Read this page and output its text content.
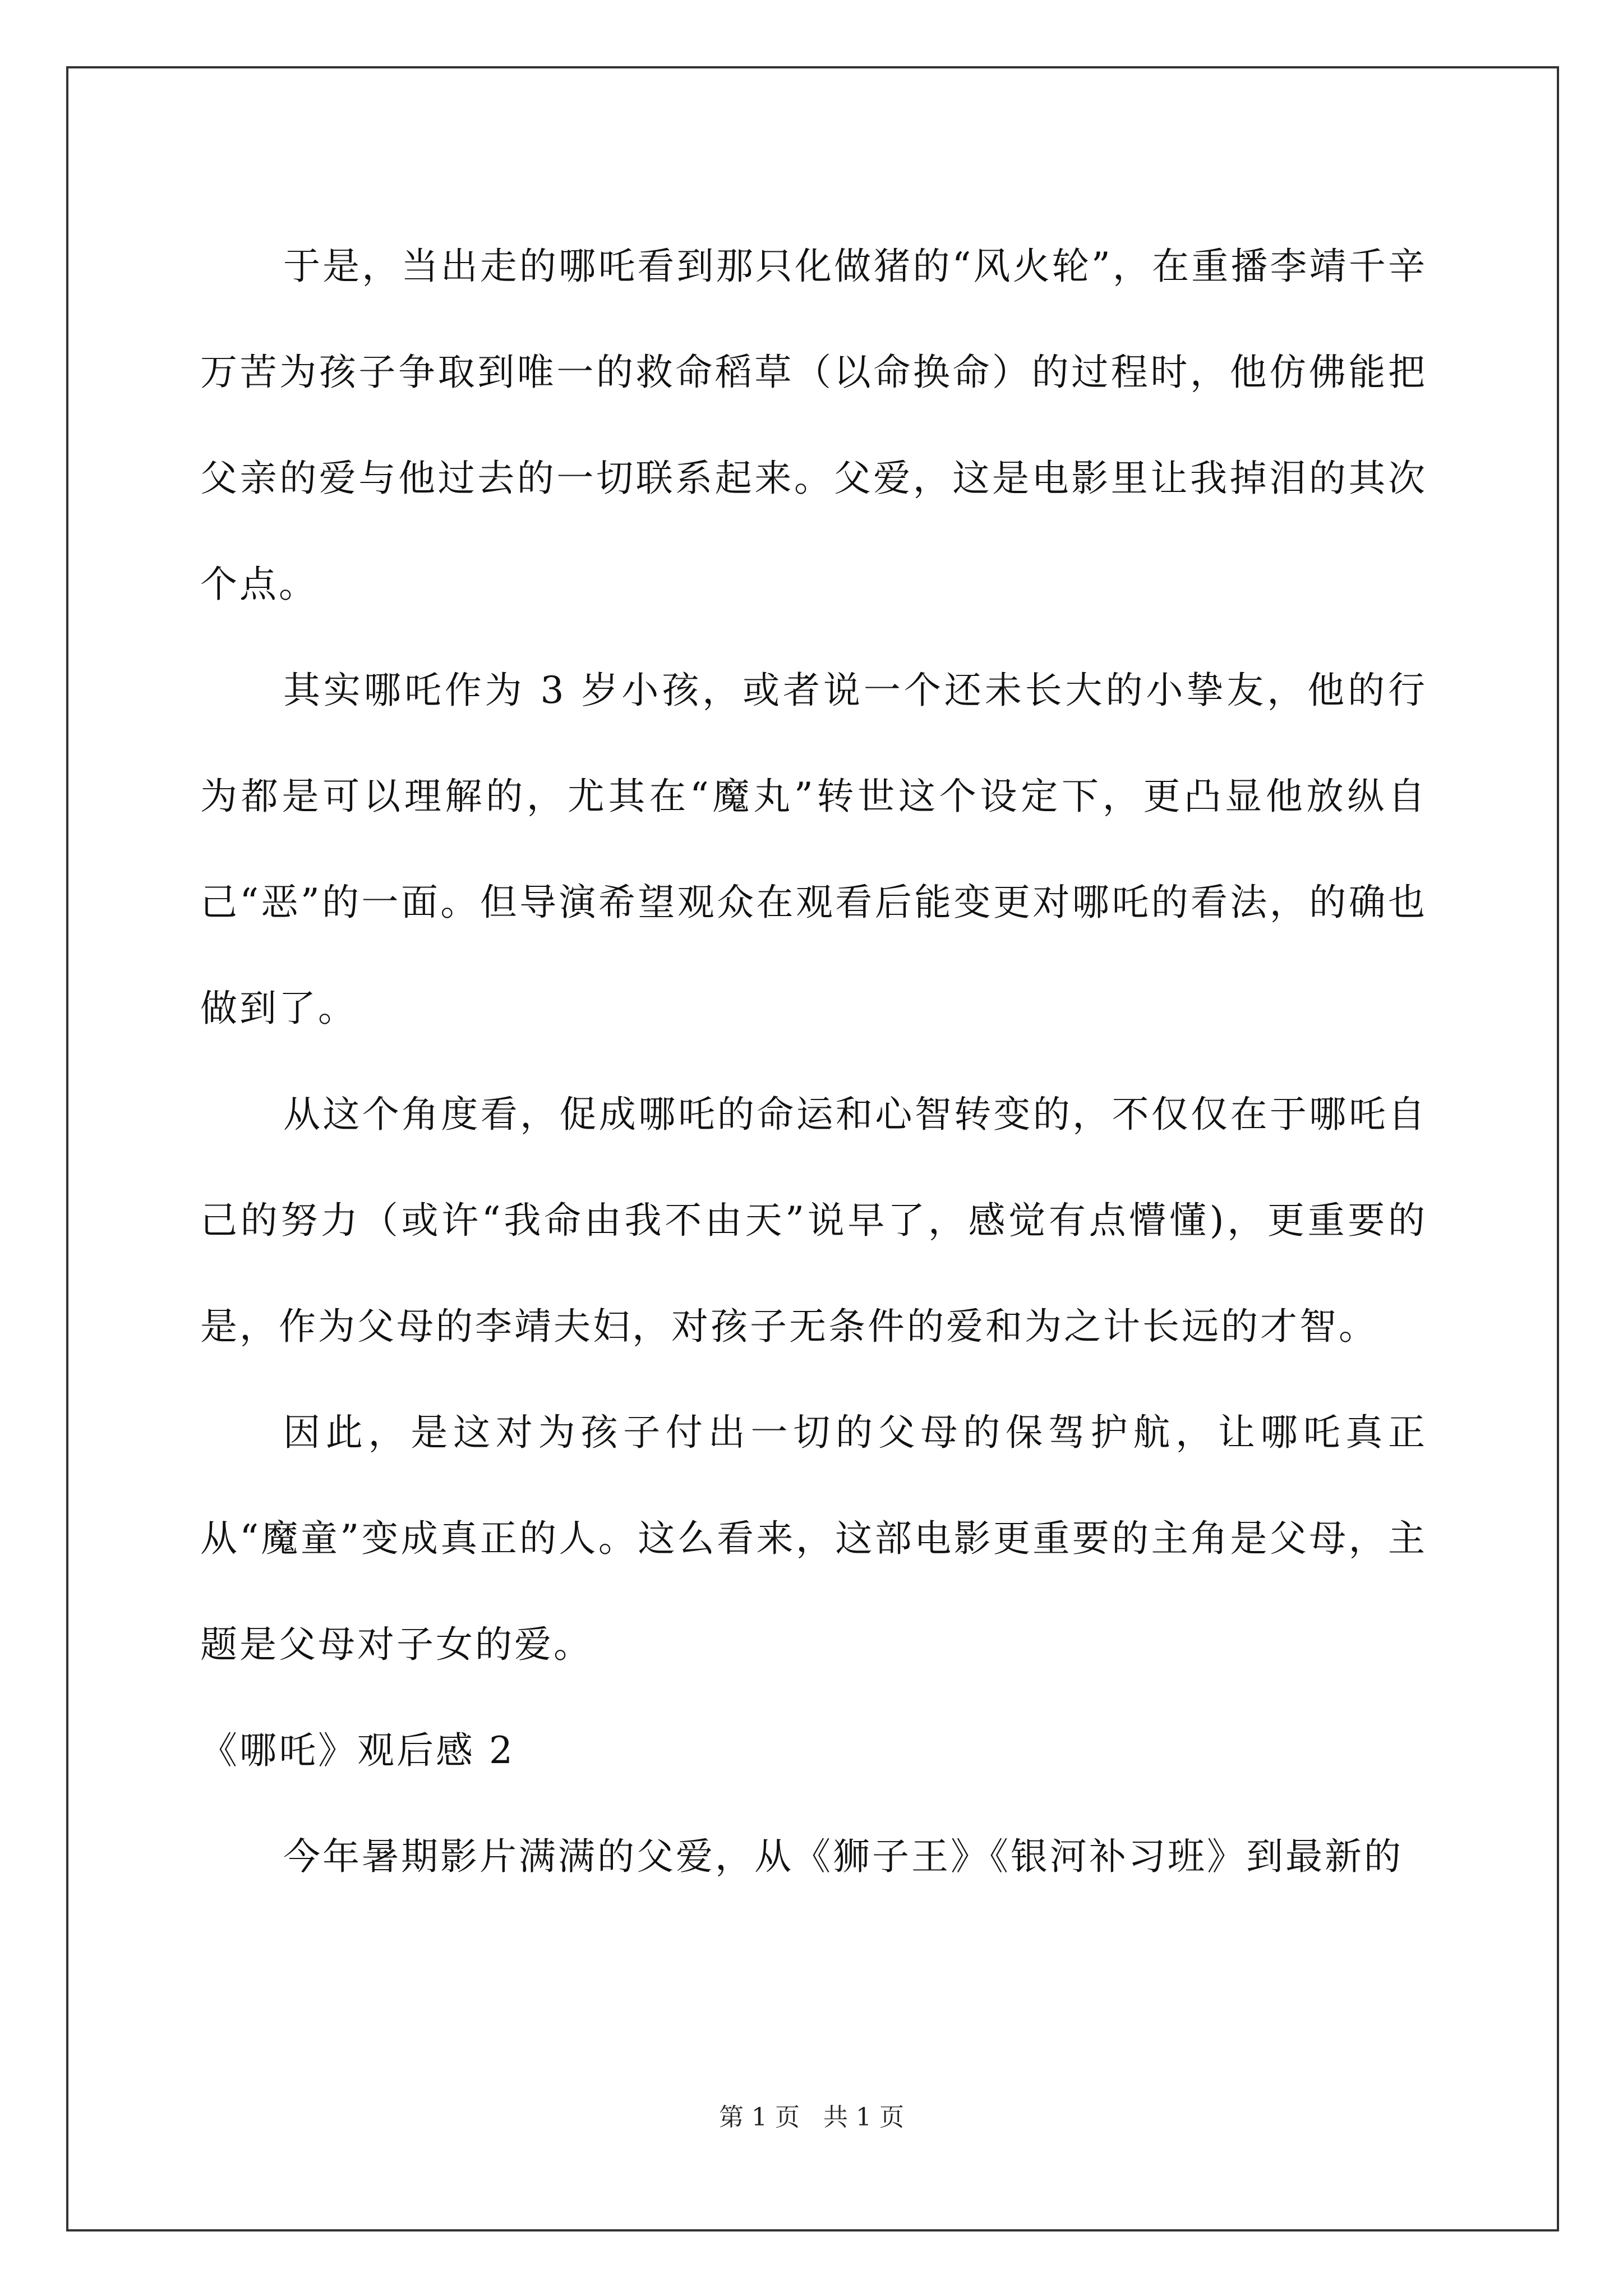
于是，当出走的哪吒看到那只化做猪的“风火轮”，在重播李靖千辛万苦为孩子争取到唯一的救命稻草（以命换命）的过程时，他仿佛能把父亲的爱与他过去的一切联系起来。父爱，这是电影里让我掉泪的其次个点。

其实哪吒作为 3 岁小孩，或者说一个还未长大的小挚友，他的行为都是可以理解的，尤其在“魔丸”转世这个设定下，更凸显他放纵自己“恶”的一面。但导演希望观众在观看后能变更对哪吒的看法，的确也做到了。

从这个角度看，促成哪吒的命运和心智转变的，不仅仅在于哪吒自己的努力（或许“我命由我不由天”说早了，感觉有点懵懂)，更重要的是，作为父母的李靖夫妇，对孩子无条件的爱和为之计长远的才智。

因此，是这对为孩子付出一切的父母的保驾护航，让哪吒真正从“魔童”变成真正的人。这么看来，这部电影更重要的主角是父母，主题是父母对子女的爱。

《哪吒》观后感 2

今年暑期影片满满的父爱，从《狮子王》《银河补习班》到最新的

第 1 页 共 1 页
